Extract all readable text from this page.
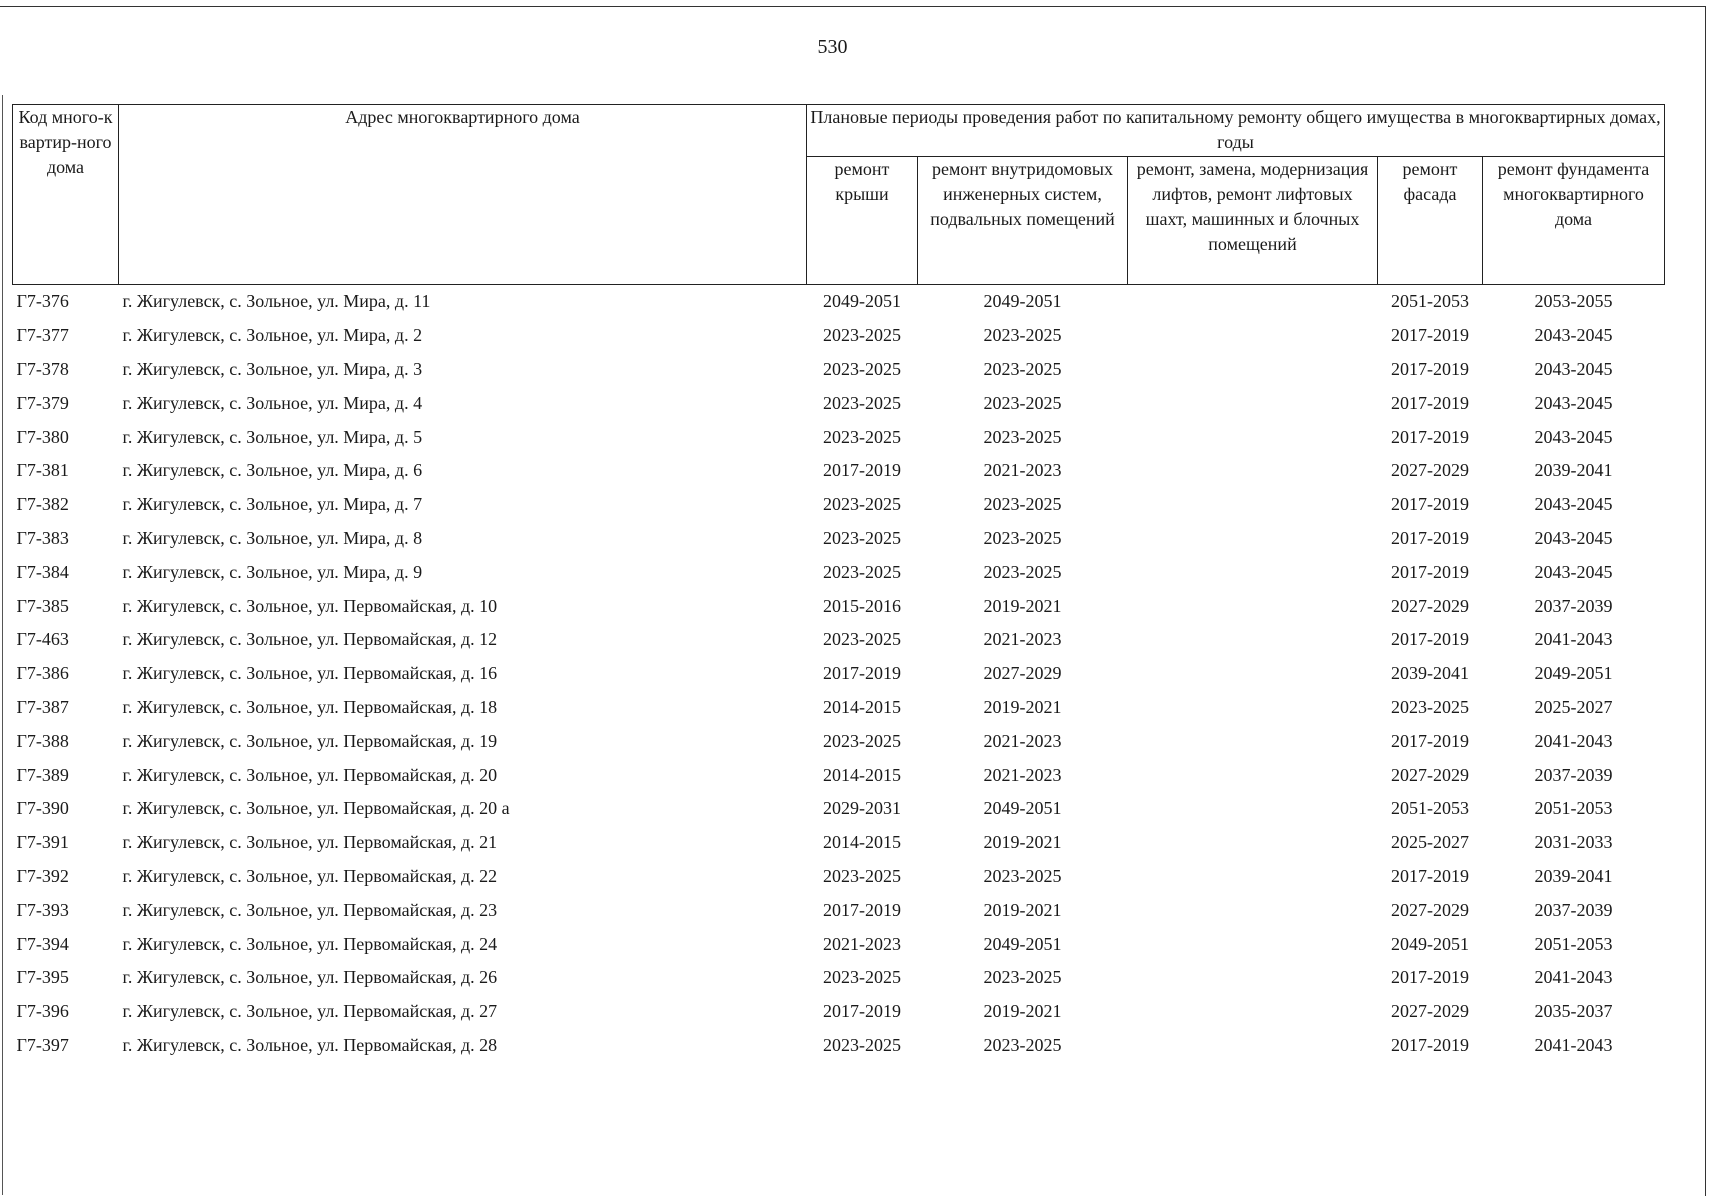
530
Код много-квартир-ного дома	Адрес многоквартирного дома	Плановые периоды проведения работ по капитальному ремонту общего имущества в многоквартирных домах, годы				
		ремонт крыши	ремонт внутридомовых инженерных систем, подвальных помещений	ремонт, замена, модернизация лифтов, ремонт лифтовых шахт, машинных и блочных помещений	ремонт фасада	ремонт фундамента многоквартирного дома
Г7-376	г. Жигулевск, с. Зольное, ул. Мира, д. 11	2049-2051	2049-2051		2051-2053	2053-2055
Г7-377	г. Жигулевск, с. Зольное, ул. Мира, д. 2	2023-2025	2023-2025		2017-2019	2043-2045
Г7-378	г. Жигулевск, с. Зольное, ул. Мира, д. 3	2023-2025	2023-2025		2017-2019	2043-2045
Г7-379	г. Жигулевск, с. Зольное, ул. Мира, д. 4	2023-2025	2023-2025		2017-2019	2043-2045
Г7-380	г. Жигулевск, с. Зольное, ул. Мира, д. 5	2023-2025	2023-2025		2017-2019	2043-2045
Г7-381	г. Жигулевск, с. Зольное, ул. Мира, д. 6	2017-2019	2021-2023		2027-2029	2039-2041
Г7-382	г. Жигулевск, с. Зольное, ул. Мира, д. 7	2023-2025	2023-2025		2017-2019	2043-2045
Г7-383	г. Жигулевск, с. Зольное, ул. Мира, д. 8	2023-2025	2023-2025		2017-2019	2043-2045
Г7-384	г. Жигулевск, с. Зольное, ул. Мира, д. 9	2023-2025	2023-2025		2017-2019	2043-2045
Г7-385	г. Жигулевск, с. Зольное, ул. Первомайская, д. 10	2015-2016	2019-2021		2027-2029	2037-2039
Г7-463	г. Жигулевск, с. Зольное, ул. Первомайская, д. 12	2023-2025	2021-2023		2017-2019	2041-2043
Г7-386	г. Жигулевск, с. Зольное, ул. Первомайская, д. 16	2017-2019	2027-2029		2039-2041	2049-2051
Г7-387	г. Жигулевск, с. Зольное, ул. Первомайская, д. 18	2014-2015	2019-2021		2023-2025	2025-2027
Г7-388	г. Жигулевск, с. Зольное, ул. Первомайская, д. 19	2023-2025	2021-2023		2017-2019	2041-2043
Г7-389	г. Жигулевск, с. Зольное, ул. Первомайская, д. 20	2014-2015	2021-2023		2027-2029	2037-2039
Г7-390	г. Жигулевск, с. Зольное, ул. Первомайская, д. 20 а	2029-2031	2049-2051		2051-2053	2051-2053
Г7-391	г. Жигулевск, с. Зольное, ул. Первомайская, д. 21	2014-2015	2019-2021		2025-2027	2031-2033
Г7-392	г. Жигулевск, с. Зольное, ул. Первомайская, д. 22	2023-2025	2023-2025		2017-2019	2039-2041
Г7-393	г. Жигулевск, с. Зольное, ул. Первомайская, д. 23	2017-2019	2019-2021		2027-2029	2037-2039
Г7-394	г. Жигулевск, с. Зольное, ул. Первомайская, д. 24	2021-2023	2049-2051		2049-2051	2051-2053
Г7-395	г. Жигулевск, с. Зольное, ул. Первомайская, д. 26	2023-2025	2023-2025		2017-2019	2041-2043
Г7-396	г. Жигулевск, с. Зольное, ул. Первомайская, д. 27	2017-2019	2019-2021		2027-2029	2035-2037
Г7-397	г. Жигулевск, с. Зольное, ул. Первомайская, д. 28	2023-2025	2023-2025		2017-2019	2041-2043
